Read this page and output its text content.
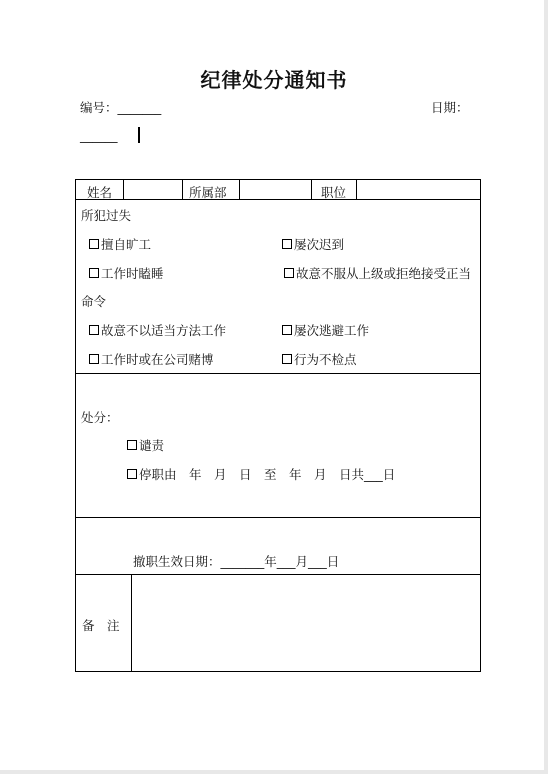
纪律处分通知书
编号：_______	日期：
______
姓名	所属部	职位
所犯过失
擅自旷工	屡次迟到
工作时瞌睡	故意不服从上级或拒绝接受正当
命令
故意不以适当方法工作	屡次逃避工作
工作时或在公司赌博	行为不检点
处分：
谴责
停职由　年　月　日　至　年　月　日共___日
撤职生效日期：_______年___月___日
备　注
